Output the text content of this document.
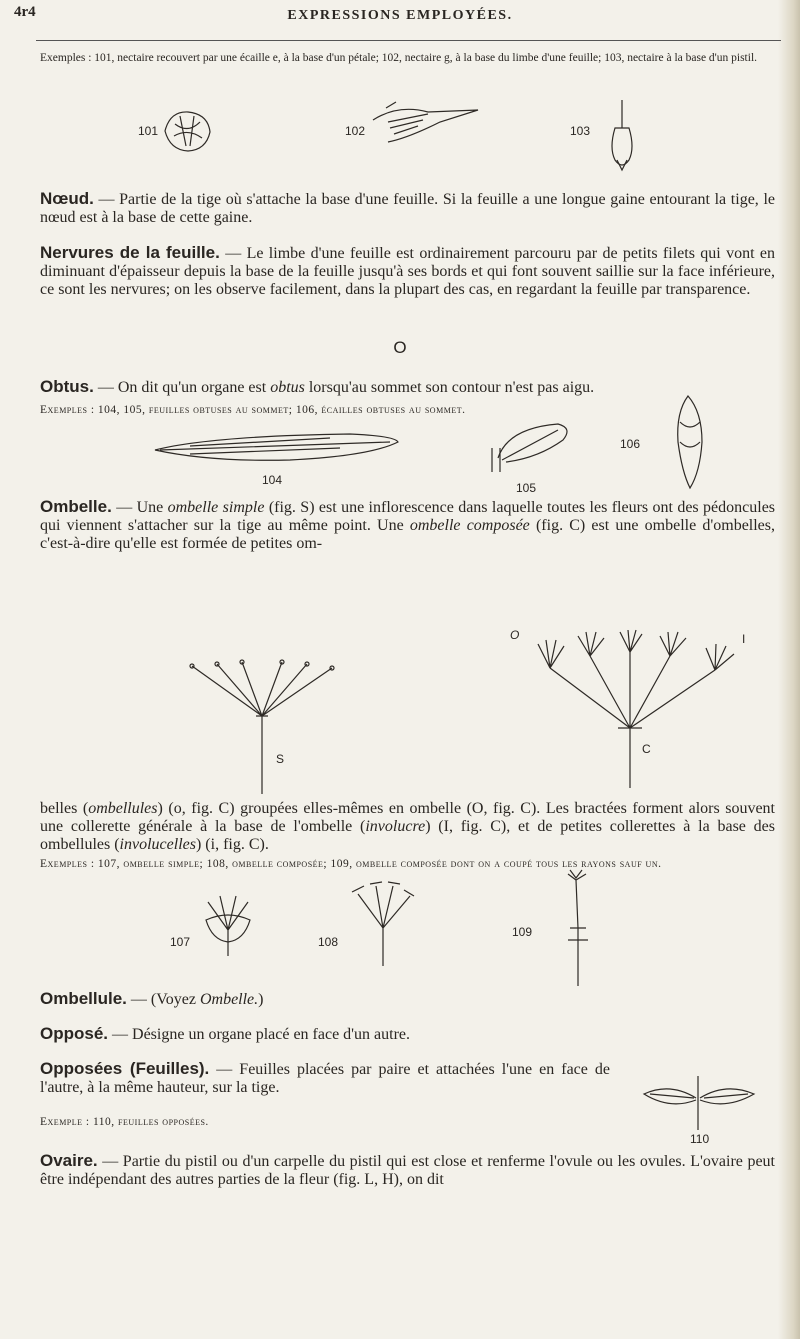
4r4	EXPRESSIONS EMPLOYÉES.
Exemples : 101, nectaire recouvert par une écaille e, à la base d'un pétale; 102, nectaire g, à la base du limbe d'une feuille; 103, nectaire à la base d'un pistil.
101	102	103
Nœud. — Partie de la tige où s'attache la base d'une feuille. Si la feuille a une longue gaine entourant la tige, le nœud est à la base de cette gaine.
Nervures de la feuille. — Le limbe d'une feuille est ordinairement parcouru par de petits filets qui vont en diminuant d'épaisseur depuis la base de la feuille jusqu'à ses bords et qui font souvent saillie sur la face inférieure, ce sont les nervures; on les observe facilement, dans la plupart des cas, en regardant la feuille par transparence.
O
Obtus. — On dit qu'un organe est obtus lorsqu'au sommet son contour n'est pas aigu.
Exemples : 104, 105, feuilles obtuses au sommet; 106, écailles obtuses au sommet.
104
105
106
Ombelle. — Une ombelle simple (fig. S) est une inflorescence dans laquelle toutes les fleurs ont des pédoncules qui viennent s'attacher sur la tige au même point. Une ombelle composée (fig. C) est une ombelle d'ombelles, c'est-à-dire qu'elle est formée de petites om-
S
O
C
I
belles (ombellules) (o, fig. C) groupées elles-mêmes en ombelle (O, fig. C). Les bractées forment alors souvent une collerette générale à la base de l'ombelle (involucre) (I, fig. C), et de petites collerettes à la base des ombellules (involucelles) (i, fig. C).
Exemples : 107, ombelle simple; 108, ombelle composée; 109, ombelle composée dont on a coupé tous les rayons sauf un.
107	108
109
Ombellule. — (Voyez Ombelle.)
Opposé. — Désigne un organe placé en face d'un autre.
Opposées (Feuilles). — Feuilles placées par paire et attachées l'une en face de l'autre, à la même hauteur, sur la tige.
Exemple : 110, feuilles opposées.
110
Ovaire. — Partie du pistil ou d'un carpelle du pistil qui est close et renferme l'ovule ou les ovules. L'ovaire peut être indépendant des autres parties de la fleur (fig. L, H), on dit
